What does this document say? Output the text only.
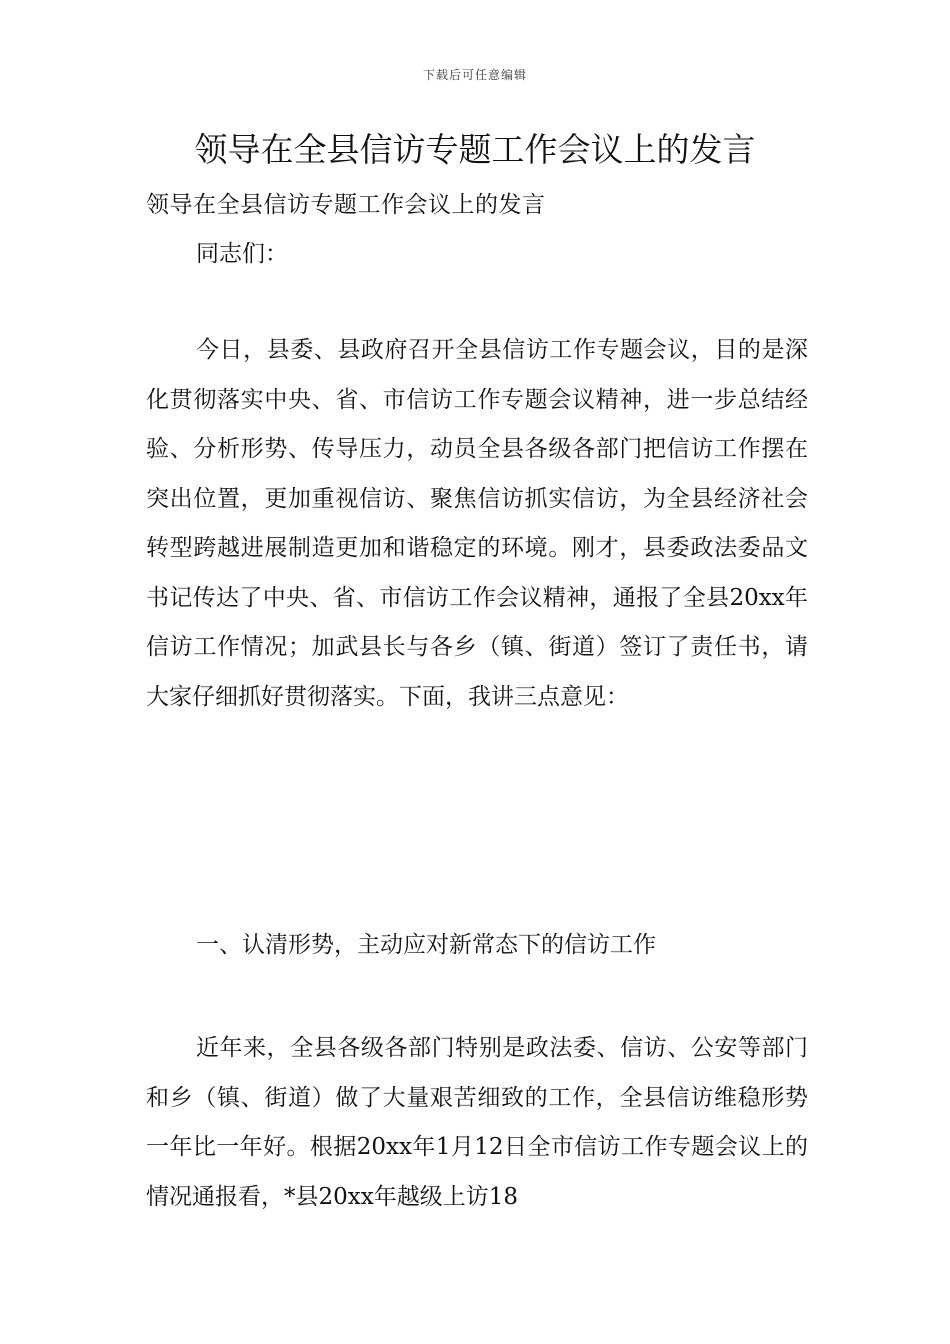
下载后可任意编辑
领导在全县信访专题工作会议上的发言
领导在全县信访专题工作会议上的发言
同志们：

今日，县委、县政府召开全县信访工作专题会议，目的是深化贯彻落实中央、省、市信访工作专题会议精神，进一步总结经验、分析形势、传导压力，动员全县各级各部门把信访工作摆在突出位置，更加重视信访、聚焦信访抓实信访，为全县经济社会转型跨越进展制造更加和谐稳定的环境。刚才，县委政法委品文书记传达了中央、省、市信访工作会议精神，通报了全县20xx年信访工作情况；加武县长与各乡（镇、街道）签订了责任书，请大家仔细抓好贯彻落实。下面，我讲三点意见：

一、认清形势，主动应对新常态下的信访工作

近年来，全县各级各部门特别是政法委、信访、公安等部门和乡（镇、街道）做了大量艰苦细致的工作，全县信访维稳形势一年比一年好。根据20xx年1月12日全市信访工作专题会议上的情况通报看，*县20xx年越级上访18
